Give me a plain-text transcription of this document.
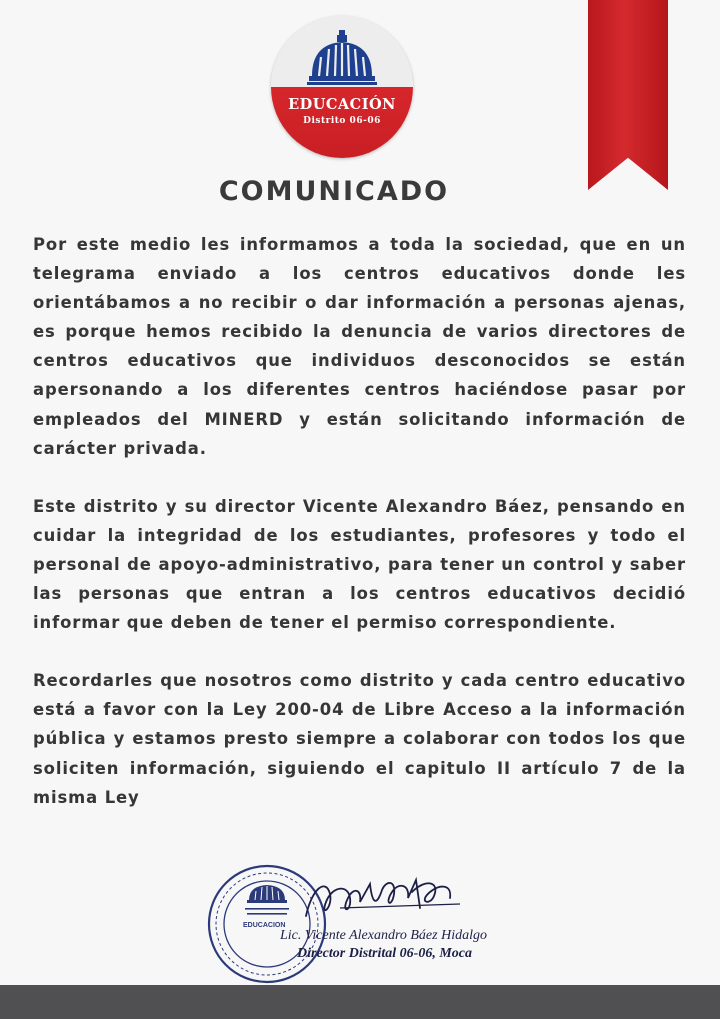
EDUCACIÓN
Distrito 06-06
COMUNICADO

Por este medio les informamos a toda la sociedad, que en un telegrama enviado a los centros educativos donde les orientábamos a no recibir o dar información a personas ajenas, es porque hemos recibido la denuncia de varios directores de centros educativos que individuos desconocidos se están apersonando a los diferentes centros haciéndose pasar por empleados del MINERD y están solicitando información de carácter privada.

Este distrito y su director Vicente Alexandro Báez, pensando en cuidar la integridad de los estudiantes, profesores y todo el personal de apoyo-administrativo, para tener un control y saber las personas que entran a los centros educativos decidió informar que deben de tener el permiso correspondiente.

Recordarles que nosotros como distrito y cada centro educativo está a favor con la Ley 200-04 de Libre Acceso a la información pública y estamos presto siempre a colaborar con todos los que soliciten información, siguiendo el capitulo II artículo 7 de la misma Ley

EDUCACION
Lic. Vicente Alexandro Báez Hidalgo
Director Distrital 06-06, Moca
